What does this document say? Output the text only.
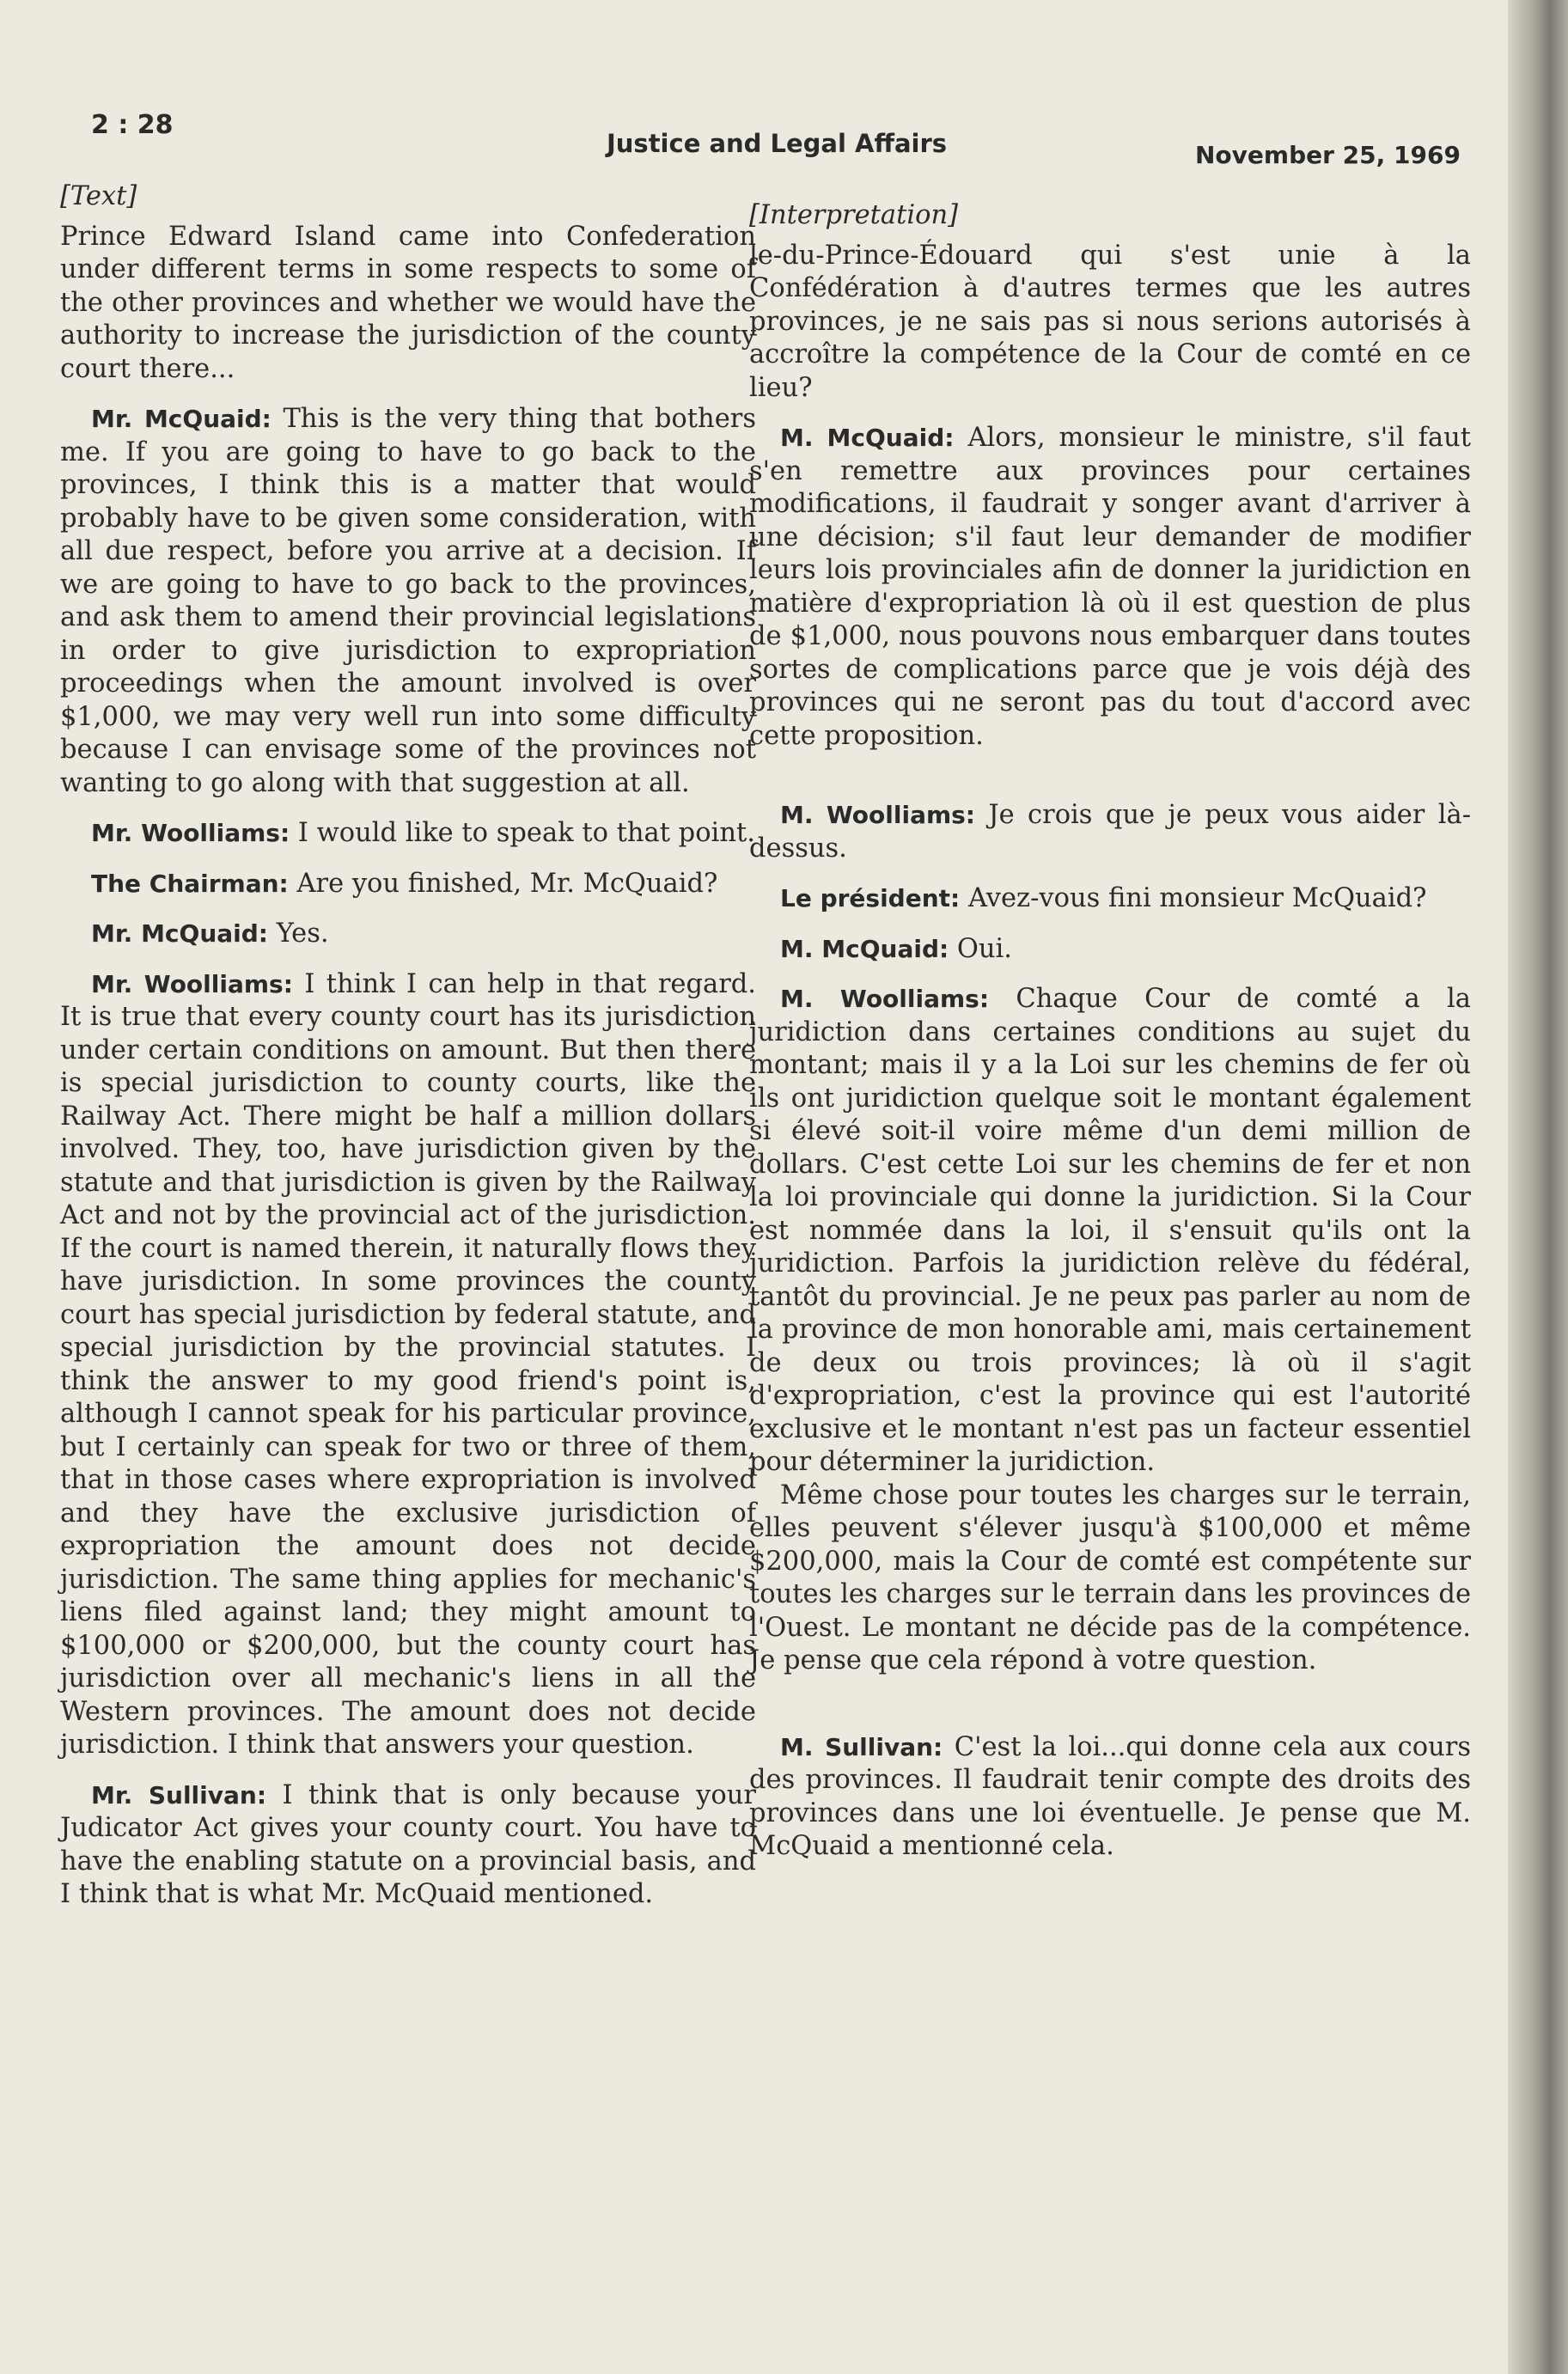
2 : 28
Justice and Legal Affairs	November 25, 1969
[Text]

Prince Edward Island came into Confederation under different terms in some respects to some of the other provinces and whether we would have the authority to increase the jurisdiction of the county court there...

Mr. McQuaid: This is the very thing that bothers me. If you are going to have to go back to the provinces, I think this is a matter that would probably have to be given some consideration, with all due respect, before you arrive at a decision. If we are going to have to go back to the provinces, and ask them to amend their provincial legislations in order to give jurisdiction to expropriation proceedings when the amount involved is over $1,000, we may very well run into some difficulty because I can envisage some of the provinces not wanting to go along with that suggestion at all.

Mr. Woolliams: I would like to speak to that point.

The Chairman: Are you finished, Mr. McQuaid?

Mr. McQuaid: Yes.

Mr. Woolliams: I think I can help in that regard. It is true that every county court has its jurisdiction under certain conditions on amount. But then there is special jurisdiction to county courts, like the Railway Act. There might be half a million dollars involved. They, too, have jurisdiction given by the statute and that jurisdiction is given by the Railway Act and not by the provincial act of the jurisdiction. If the court is named therein, it naturally flows they have jurisdiction. In some provinces the county court has special jurisdiction by federal statute, and special jurisdiction by the provincial statutes. I think the answer to my good friend's point is, although I cannot speak for his particular province, but I certainly can speak for two or three of them, that in those cases where expropriation is involved and they have the exclusive jurisdiction of expropriation the amount does not decide jurisdiction. The same thing applies for mechanic's liens filed against land; they might amount to $100,000 or $200,000, but the county court has jurisdiction over all mechanic's liens in all the Western provinces. The amount does not decide jurisdiction. I think that answers your question.

Mr. Sullivan: I think that is only because your Judicator Act gives your county court. You have to have the enabling statute on a provincial basis, and I think that is what Mr. McQuaid mentioned.

[Interpretation]

le-du-Prince-Édouard qui s'est unie à la Confédération à d'autres termes que les autres provinces, je ne sais pas si nous serions autorisés à accroître la compétence de la Cour de comté en ce lieu?

M. McQuaid: Alors, monsieur le ministre, s'il faut s'en remettre aux provinces pour certaines modifications, il faudrait y songer avant d'arriver à une décision; s'il faut leur demander de modifier leurs lois provinciales afin de donner la juridiction en matière d'expropriation là où il est question de plus de $1,000, nous pouvons nous embarquer dans toutes sortes de complications parce que je vois déjà des provinces qui ne seront pas du tout d'accord avec cette proposition.

M. Woolliams: Je crois que je peux vous aider là-dessus.

Le président: Avez-vous fini monsieur McQuaid?

M. McQuaid: Oui.

M. Woolliams: Chaque Cour de comté a la juridiction dans certaines conditions au sujet du montant; mais il y a la Loi sur les chemins de fer où ils ont juridiction quelque soit le montant également si élevé soit-il voire même d'un demi million de dollars. C'est cette Loi sur les chemins de fer et non la loi provinciale qui donne la juridiction. Si la Cour est nommée dans la loi, il s'ensuit qu'ils ont la juridiction. Parfois la juridiction relève du fédéral, tantôt du provincial. Je ne peux pas parler au nom de la province de mon honorable ami, mais certainement de deux ou trois provinces; là où il s'agit d'expropriation, c'est la province qui est l'autorité exclusive et le montant n'est pas un facteur essentiel pour déterminer la juridiction.

Même chose pour toutes les charges sur le terrain, elles peuvent s'élever jusqu'à $100,000 et même $200,000, mais la Cour de comté est compétente sur toutes les charges sur le terrain dans les provinces de l'Ouest. Le montant ne décide pas de la compétence. Je pense que cela répond à votre question.

M. Sullivan: C'est la loi...qui donne cela aux cours des provinces. Il faudrait tenir compte des droits des provinces dans une loi éventuelle. Je pense que M. McQuaid a mentionné cela.
